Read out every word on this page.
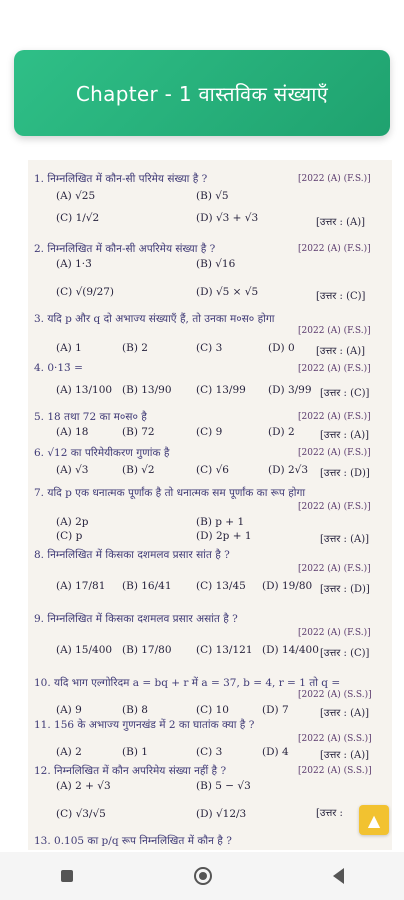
Chapter - 1 वास्तविक संख्याएँ
1. निम्नलिखित में कौन-सी परिमेय संख्या है ?	[2022 (A) (F.S.)]
(A) √25	(B) √5
(C) 1/√2	(D) √3 + √3	[उत्तर : (A)]
2. निम्नलिखित में कौन-सी अपरिमेय संख्या है ?	[2022 (A) (F.S.)]
(A) 1·3̄	(B) √16
(C) √(9/27)	(D) √5 × √5	[उत्तर : (C)]
3. यदि p और q दो अभाज्य संख्याएँ हैं, तो उनका म०स० होगा
[2022 (A) (F.S.)]
(A) 1	(B) 2	(C) 3	(D) 0 [उत्तर : (A)]
4. 0·13̄ =	[2022 (A) (F.S.)]
(A) 13/100 (B) 13/90 (C) 13/99 (D) 3/99 [उत्तर : (C)]
5. 18 तथा 72 का म०स० है	[2022 (A) (F.S.)]
(A) 18	(B) 72	(C) 9	(D) 2	[उत्तर : (A)]
6. √12 का परिमेयीकरण गुणांक है	[2022 (A) (F.S.)]
(A) √3	(B) √2	(C) √6	(D) 2√3 [उत्तर : (D)]
7. यदि p एक धनात्मक पूर्णांक है तो धनात्मक सम पूर्णांक का रूप होगा
[2022 (A) (F.S.)]
(A) 2p	(B) p + 1
(C) p	(D) 2p + 1	[उत्तर : (A)]
8. निम्नलिखित में किसका दशमलव प्रसार सांत है ?
[2022 (A) (F.S.)]
(A) 17/81 (B) 16/41 (C) 13/45 (D) 19/80 [उत्तर : (D)]
9. निम्नलिखित में किसका दशमलव प्रसार असांत है ?
[2022 (A) (F.S.)]
(A) 15/400 (B) 17/80 (C) 13/121 (D) 14/400 [उत्तर : (C)]
10. यदि भाग एल्गोरिदम a = bq + r में a = 37, b = 4, r = 1 तो q =
[2022 (A) (S.S.)]
(A) 9	(B) 8	(C) 10	(D) 7	[उत्तर : (A)]
11. 156 के अभाज्य गुणनखंड में 2 का घातांक क्या है ?
[2022 (A) (S.S.)]
(A) 2	(B) 1	(C) 3	(D) 4	[उत्तर : (A)]
12. निम्नलिखित में कौन अपरिमेय संख्या नहीं है ?	[2022 (A) (S.S.)]
(A) 2 + √3	(B) 5 − √3
(C) √3/√5	(D) √12/3	[उत्तर :
13. 0.105 का p/q रूप निम्नलिखित में कौन है ?
▲
